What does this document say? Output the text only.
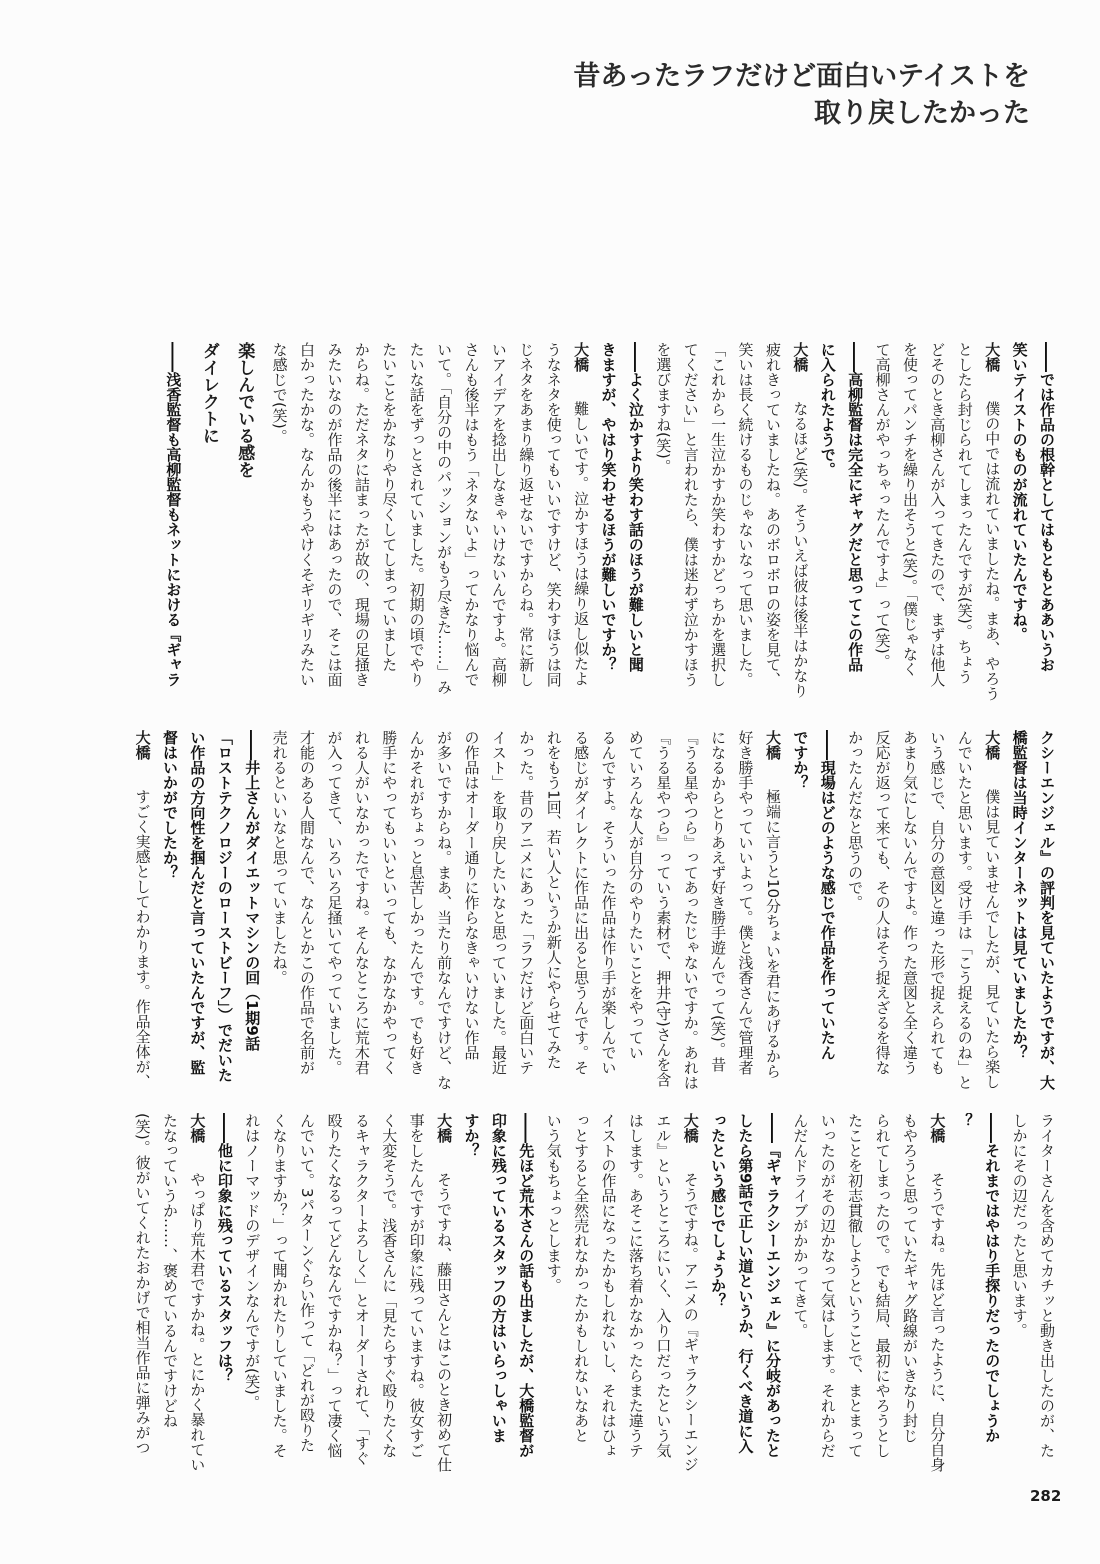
昔あったラフだけど面白いテイストを
取り戻したかった
――では作品の根幹としてはもともとああいうお
笑いテイストのものが流れていたんですね。
大橋　僕の中では流れていましたね。まあ、やろう
としたら封じられてしまったんですが(笑)。ちょう
どそのとき高柳さんが入ってきたので、まずは他人
を使ってパンチを繰り出そうと(笑)。「僕じゃなく
て高柳さんがやっちゃったんですよ」って(笑)。
――高柳監督は完全にギャグだと思ってこの作品
に入られたようで。
大橋　なるほど(笑)。そういえば彼は後半はかなり
疲れきっていましたね。あのボロボロの姿を見て、
笑いは長く続けるものじゃないなって思いました。
「これから一生泣かすか笑わすかどっちかを選択し
てください」と言われたら、僕は迷わず泣かすほう
を選びますね(笑)。
――よく泣かすより笑わす話のほうが難しいと聞
きますが、やはり笑わせるほうが難しいですか？
大橋　難しいです。泣かすほうは繰り返し似たよ
うなネタを使ってもいいですけど、笑わすほうは同
じネタをあまり繰り返せないですからね。常に新し
いアイデアを捻出しなきゃいけないんですよ。高柳
さんも後半はもう「ネタないよ」ってかなり悩んで
いて。「自分の中のパッションがもう尽きた……」み
たいな話をずっとされていました。初期の頃でやり
たいことをかなりやり尽くしてしまっていました
からね。ただネタに詰まったが故の、現場の足掻き
みたいなのが作品の後半にはあったので、そこは面
白かったかな。なんかもうやけくそギリギリみたい
な感じで(笑)。
楽しんでいる感を
ダイレクトに
――浅香監督も高柳監督もネットにおける『ギャラ
クシーエンジェル』の評判を見ていたようですが、大
橋監督は当時インターネットは見ていましたか？
大橋　僕は見ていませんでしたが、見ていたら楽し
んでいたと思います。受け手は「こう捉えるのね」と
いう感じで、自分の意図と違った形で捉えられても
あまり気にしないんですよ。作った意図と全く違う
反応が返って来ても、その人はそう捉えざるを得な
かったんだなと思うので。
――現場はどのような感じで作品を作っていたん
ですか？
大橋　極端に言うと10分ちょいを君にあげるから
好き勝手やっていいよって。僕と浅香さんで管理者
になるからとりあえず好き勝手遊んでって(笑)。昔
『うる星やつら』ってあったじゃないですか。あれは
『うる星やつら』っていう素材で、押井(守)さんを含
めていろんな人が自分のやりたいことをやってい
るんですよ。そういった作品は作り手が楽しんでい
る感じがダイレクトに作品に出ると思うんです。そ
れをもう1回、若い人というか新人にやらせてみた
かった。昔のアニメにあった「ラフだけど面白いテ
イスト」を取り戻したいなと思っていました。最近
の作品はオーダー通りに作らなきゃいけない作品
が多いですからね。まあ、当たり前なんですけど、な
んかそれがちょっと息苦しかったんです。でも好き
勝手にやってもいいといっても、なかなかやってく
れる人がいなかったですね。そんなところに荒木君
が入ってきて、いろいろ足掻いてやっていました。
才能のある人間なんで、なんとかこの作品で名前が
売れるといいなと思っていましたね。
――井上さんがダイエットマシンの回（1期9話
「ロストテクノロジーのローストビーフ」）でだいた
い作品の方向性を掴んだと言っていたんですが、監
督はいかがでしたか？
大橋　すごく実感としてわかります。作品全体が、
ライターさんを含めてカチッと動き出したのが、た
しかにその辺だったと思います。
――それまではやはり手探りだったのでしょうか
？
大橋　そうですね。先ほど言ったように、自分自身
もやろうと思っていたギャグ路線がいきなり封じ
られてしまったので。でも結局、最初にやろうとし
たことを初志貫徹しようということで、まとまって
いったのがその辺かなって気はします。それからだ
んだんドライブがかかってきて。
――『ギャラクシーエンジェル』に分岐があったと
したら第9話で正しい道というか、行くべき道に入
ったという感じでしょうか？
大橋　そうですね。アニメの『ギャラクシーエンジ
エル』というところにいく、入り口だったという気
はします。あそこに落ち着かなかったらまた違うテ
イストの作品になったかもしれないし、それはひょ
っとすると全然売れなかったかもしれないなあと
いう気もちょっとします。
――先ほど荒木さんの話も出ましたが、大橋監督が
印象に残っているスタッフの方はいらっしゃいま
すか？
大橋　そうですね、藤田さんとはこのとき初めて仕
事をしたんですが印象に残っていますね。彼女すご
く大変そうで。浅香さんに「見たらすぐ殴りたくな
るキャラクターよろしく」とオーダーされて、「すぐ
殴りたくなるってどんなんですかね？」って凄く悩
んでいて。3パターンぐらい作って「どれが殴りた
くなりますか？」って聞かれたりしていました。そ
れはノーマッドのデザインなんですが(笑)。
――他に印象に残っているスタッフは？
大橋　やっぱり荒木君ですかね。とにかく暴れてい
たなっていうか……、褒めているんですけどね
(笑)。彼がいてくれたおかげで相当作品に弾みがつ
282
